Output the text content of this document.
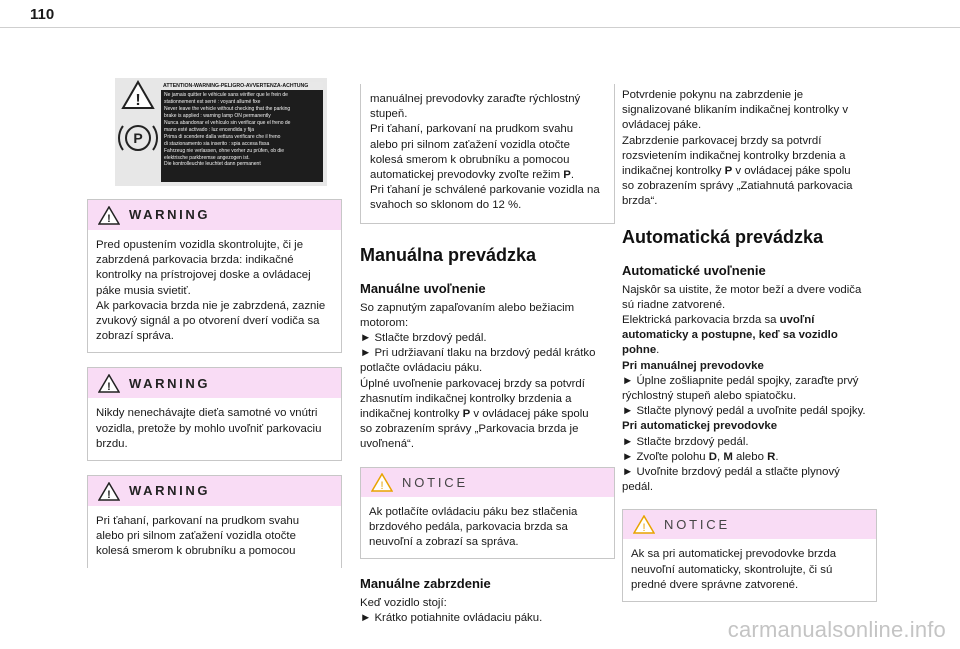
110
!
P
ATTENTION-WARNING-PELIGRO-AVVERTENZA-ACHTUNG
Ne jamais quitter le véhicule sans vérifier que le frein de
stationnement est serré : voyant allumé fixe
Never leave the vehicle without checking that the parking
brake is applied : warning lamp ON permanently
Nunca abandonar el vehículo sin verificar que el freno de
mano esté activado : luz encendida y fija
Prima di scendere dalla vettura verificare che il freno
di stazionamento sia inserito : spia accesa fissa
Fahrzeug nie verlassen, ohne vorher zu prüfen, ob die
elektrische parkbremse angezogen ist.
Die kontrolleuchte leuchtet dann permanent
! WARNING

Pred opustením vozidla skontrolujte, či je

zabrzdená parkovacia brzda: indikačné

kontrolky na prístrojovej doske a ovládacej

páke musia svietiť.

Ak parkovacia brzda nie je zabrzdená, zaznie

zvukový signál a po otvorení dverí vodiča sa

zobrazí správa.

! WARNING

Nikdy nenechávajte dieťa samotné vo vnútri

vozidla, pretože by mohlo uvoľniť parkovaciu

brzdu.

! WARNING

Pri ťahaní, parkovaní na prudkom svahu

alebo pri silnom zaťažení vozidla otočte

kolesá smerom k obrubníku a pomocou

manuálnej prevodovky zaraďte rýchlostný

stupeň.

Pri ťahaní, parkovaní na prudkom svahu

alebo pri silnom zaťažení vozidla otočte

kolesá smerom k obrubníku a pomocou

automatickej prevodovky zvoľte režim P.

Pri ťahaní je schválené parkovanie vozidla na

svahoch so sklonom do 12 %.

Manuálna prevádzka
Manuálne uvoľnenie

So zapnutým zapaľovaním alebo bežiacim

motorom:

► Stlačte brzdový pedál.

► Pri udržiavaní tlaku na brzdový pedál krátko

potlačte ovládaciu páku.

Úplné uvoľnenie parkovacej brzdy sa potvrdí

zhasnutím indikačnej kontrolky brzdenia a

indikačnej kontrolky P v ovládacej páke spolu

so zobrazením správy „Parkovacia brzda je

uvoľnená“.

! NOTICE

Ak potlačíte ovládaciu páku bez stlačenia

brzdového pedála, parkovacia brzda sa

neuvoľní a zobrazí sa správa.

Manuálne zabrzdenie

Keď vozidlo stojí:

► Krátko potiahnite ovládaciu páku.

Potvrdenie pokynu na zabrzdenie je

signalizované blikaním indikačnej kontrolky v

ovládacej páke.

Zabrzdenie parkovacej brzdy sa potvrdí

rozsvietením indikačnej kontrolky brzdenia a

indikačnej kontrolky P v ovládacej páke spolu

so zobrazením správy „Zatiahnutá parkovacia

brzda“.

Automatická prevádzka
Automatické uvoľnenie

Najskôr sa uistite, že motor beží a dvere vodiča

sú riadne zatvorené.

Elektrická parkovacia brzda sa uvoľní

automaticky a postupne, keď sa vozidlo

pohne.

Pri manuálnej prevodovke

► Úplne zošliapnite pedál spojky, zaraďte prvý

rýchlostný stupeň alebo spiatočku.

► Stlačte plynový pedál a uvoľnite pedál spojky.

Pri automatickej prevodovke

► Stlačte brzdový pedál.

► Zvoľte polohu D, M alebo R.

► Uvoľnite brzdový pedál a stlačte plynový

pedál.

! NOTICE

Ak sa pri automatickej prevodovke brzda

neuvoľní automaticky, skontrolujte, či sú

predné dvere správne zatvorené.

carmanualsonline.info
